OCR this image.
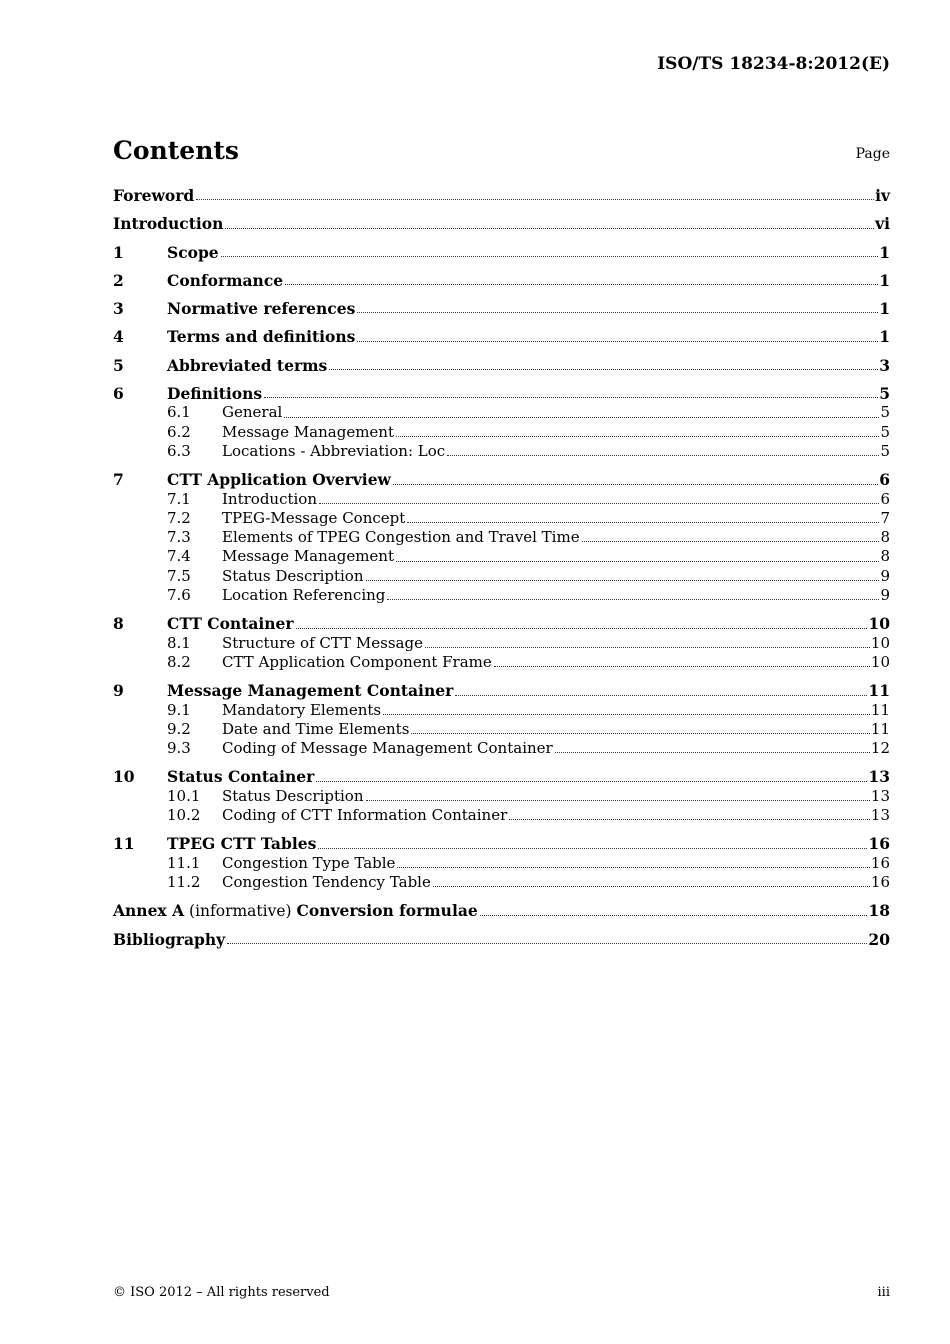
ISO/TS 18234-8:2012(E)
Contents	Page
Foreword	iv
Introduction	vi
1	Scope	1
2	Conformance	1
3	Normative references	1
4	Terms and definitions	1
5	Abbreviated terms	3
6	Definitions	5
6.1	General	5
6.2	Message Management	5
6.3	Locations - Abbreviation: Loc	5
7	CTT Application Overview	6
7.1	Introduction	6
7.2	TPEG-Message Concept	7
7.3	Elements of TPEG Congestion and Travel Time	8
7.4	Message Management	8
7.5	Status Description	9
7.6	Location Referencing	9
8	CTT Container	10
8.1	Structure of CTT Message	10
8.2	CTT Application Component Frame	10
9	Message Management Container	11
9.1	Mandatory Elements	11
9.2	Date and Time Elements	11
9.3	Coding of Message Management Container	12
10	Status Container	13
10.1	Status Description	13
10.2	Coding of CTT Information Container	13
11	TPEG CTT Tables	16
11.1	Congestion Type Table	16
11.2	Congestion Tendency Table	16
Annex A (informative) Conversion formulae	18
Bibliography	20
© ISO 2012 – All rights reserved	iii
